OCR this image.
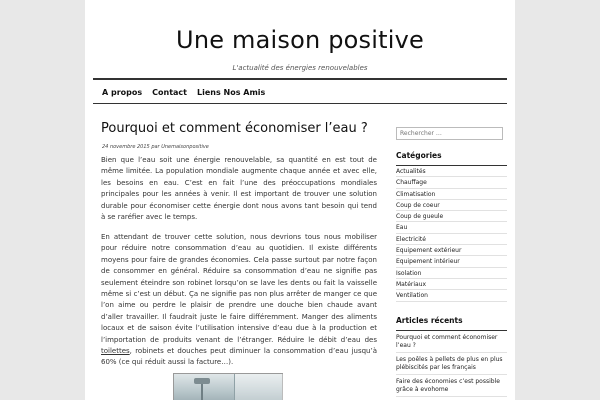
Une maison positive
L'actualité des énergies renouvelables
A propos Contact Liens Nos Amis
Pourquoi et comment économiser l’eau ?
24 novembre 2015 par Unemaisonpositive

Bien que l’eau soit une énergie renouvelable, sa quantité en est tout de même limitée. La population mondiale augmente chaque année et avec elle, les besoins en eau. C’est en fait l’une des préoccupations mondiales principales pour les années à venir. Il est important de trouver une solution durable pour économiser cette énergie dont nous avons tant besoin qui tend à se raréfier avec le temps.

En attendant de trouver cette solution, nous devrions tous nous mobiliser pour réduire notre consommation d’eau au quotidien. Il existe différents moyens pour faire de grandes économies. Cela passe surtout par notre façon de consommer en général. Réduire sa consommation d’eau ne signifie pas seulement éteindre son robinet lorsqu’on se lave les dents ou fait la vaisselle même si c’est un début. Ça ne signifie pas non plus arrêter de manger ce que l’on aime ou perdre le plaisir de prendre une douche bien chaude avant d’aller travailler. Il faudrait juste le faire différemment. Manger des aliments locaux et de saison évite l’utilisation intensive d’eau due à la production et l’importation de produits venant de l’étranger. Réduire le débit d’eau des toilettes, robinets et douches peut diminuer la consommation d’eau jusqu’à 60% (ce qui réduit aussi la facture…).

Rechercher …
Catégories
Actualités
Chauffage
Climatisation
Coup de coeur
Coup de gueule
Eau
Electricité
Equipement extérieur
Equipement intérieur
Isolation
Matériaux
Ventilation
Articles récents
Pourquoi et comment économiser l’eau ?
Les poêles à pellets de plus en plus plébiscités par les français
Faire des économies c’est possible grâce à evohome
